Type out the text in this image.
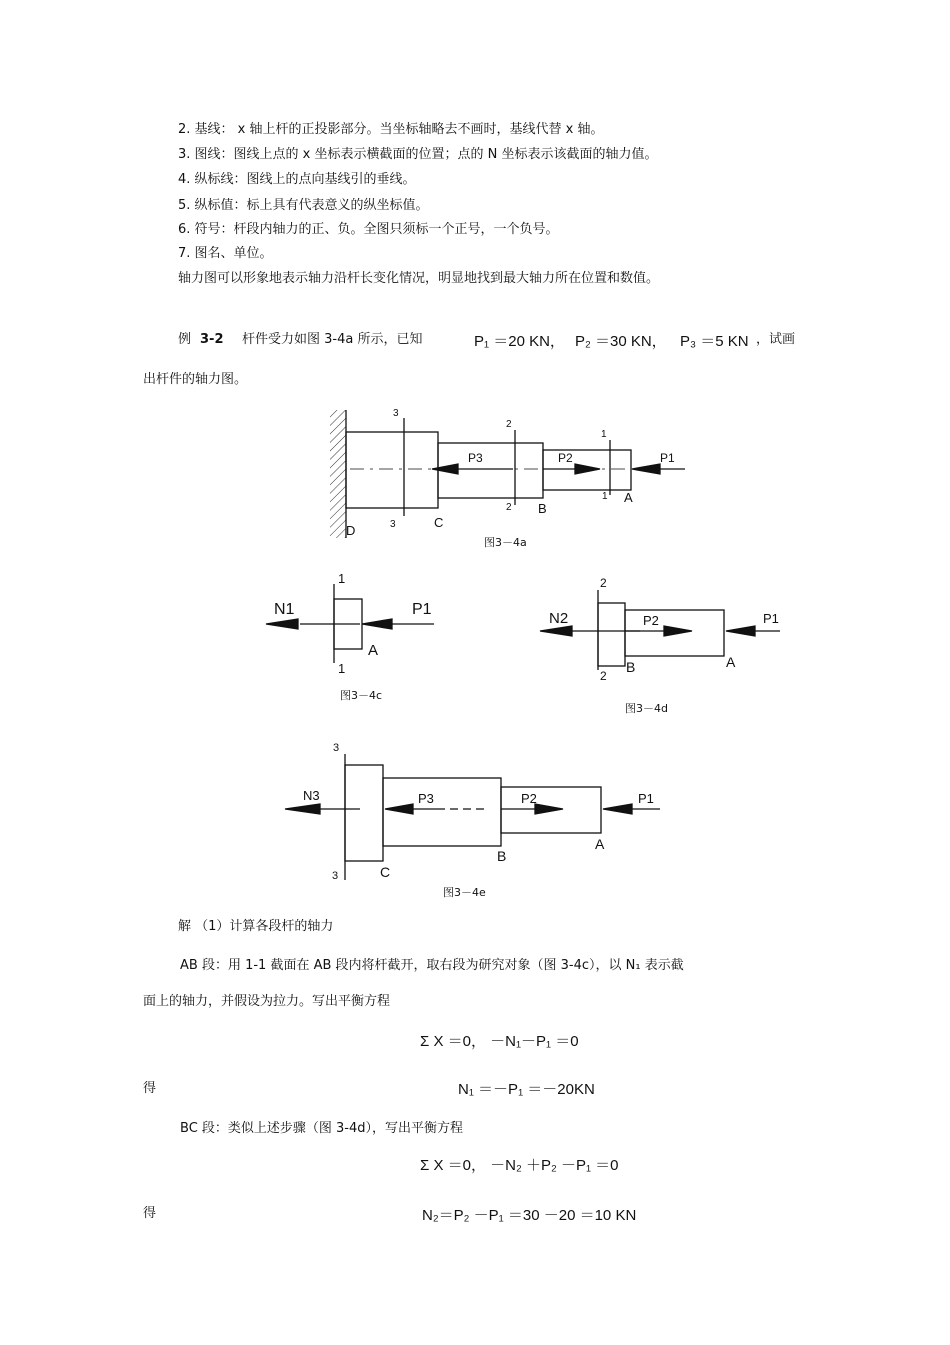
2. 基线： x 轴上杆的正投影部分。当坐标轴略去不画时，基线代替 x 轴。
3. 图线：图线上点的 x 坐标表示横截面的位置；点的 N 坐标表示该截面的轴力值。
4. 纵标线：图线上的点向基线引的垂线。
5. 纵标值：标上具有代表意义的纵坐标值。
6. 符号：杆段内轴力的正、负。全图只须标一个正号，一个负号。
7. 图名、单位。
轴力图可以形象地表示轴力沿杆长变化情况，明显地找到最大轴力所在位置和数值。
例 3-2 杆件受力如图 3-4a 所示，已知	P₁ ＝20 KN， P₂ ＝30 KN， P₃ ＝5 KN ，试画
出杆件的轴力图。
3
3
2
2
1
1
P3	P2	P1
D
C
B
A
1
1
N1	P1
A
2
2
N2	P2	P1
B	A
3
3
N3	P3	P2	P1
C
B
A
图3－4a
图3－4c
图3－4d
图3－4e
解 （1）计算各段杆的轴力
AB 段：用 1-1 截面在 AB 段内将杆截开，取右段为研究对象（图 3-4c），以 N₁ 表示截
面上的轴力，并假设为拉力。写出平衡方程
Σ X ＝0， －N₁－P₁ ＝0
得	N₁ ＝－P₁ ＝－20KN
BC 段：类似上述步骤（图 3-4d），写出平衡方程
Σ X ＝0， －N₂ ＋P₂ －P₁ ＝0
得	N₂＝P₂ －P₁ ＝30 －20 ＝10 KN
